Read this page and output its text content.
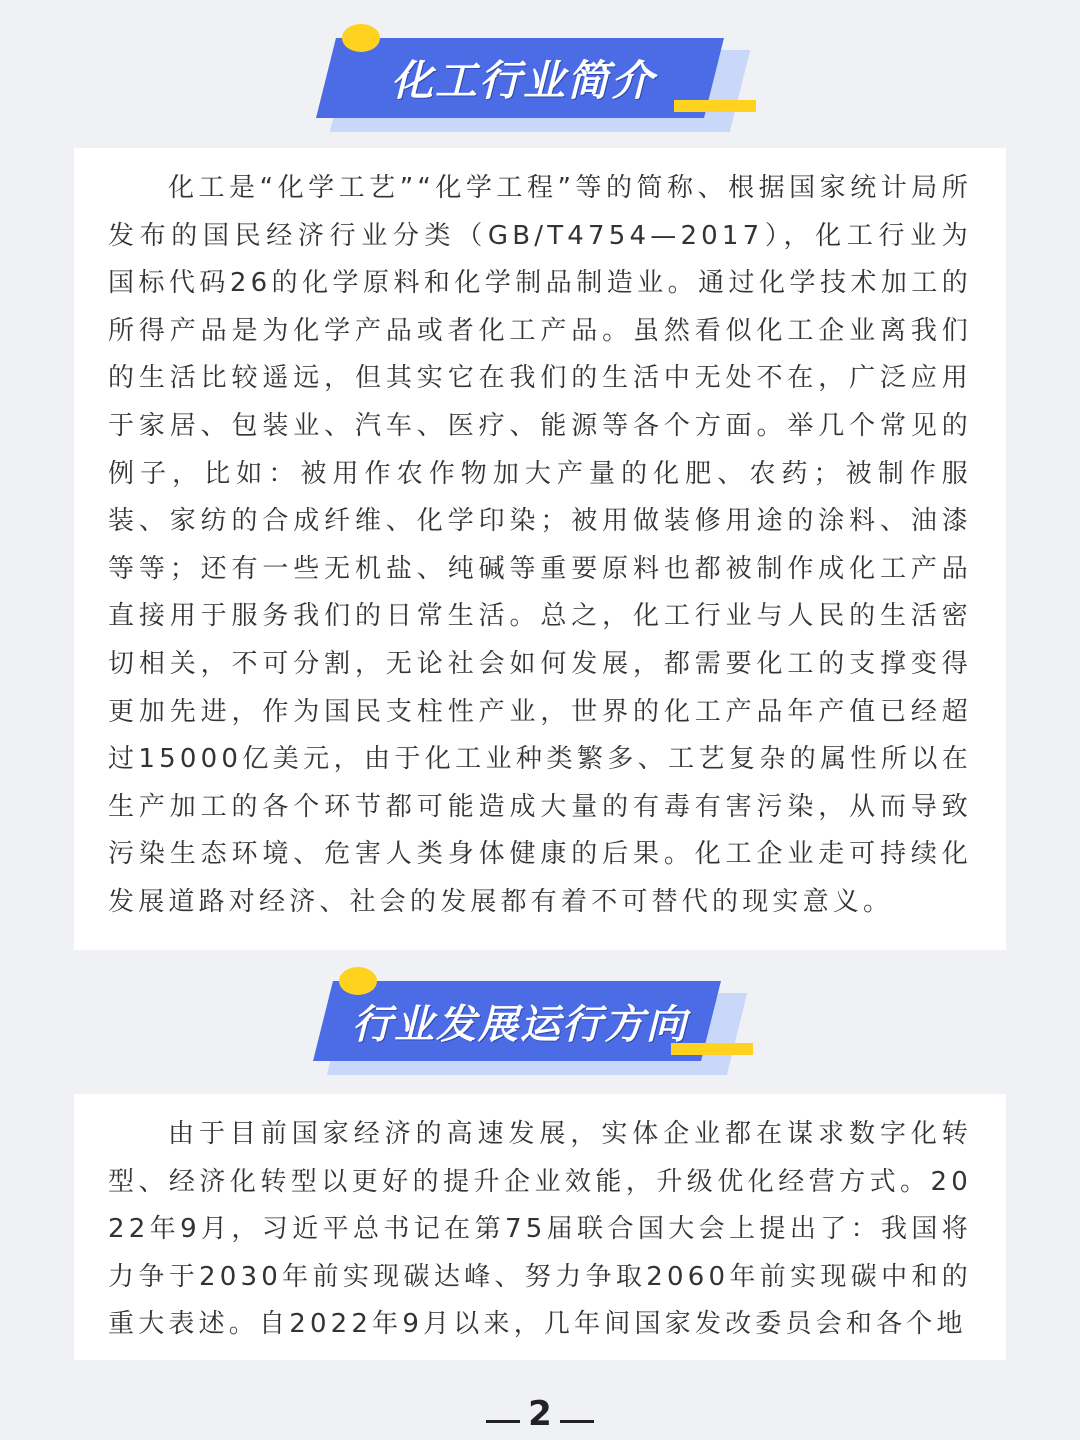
化工行业简介

化工是“化学工艺”“化学工程”等的简称、根据国家统计局所发布的国民经济行业分类（GB/T4754—2017），化工行业为国标代码26的化学原料和化学制品制造业。通过化学技术加工的所得产品是为化学产品或者化工产品。虽然看似化工企业离我们的生活比较遥远，但其实它在我们的生活中无处不在，广泛应用于家居、包装业、汽车、医疗、能源等各个方面。举几个常见的例子，比如：被用作农作物加大产量的化肥、农药；被制作服装、家纺的合成纤维、化学印染；被用做装修用途的涂料、油漆等等；还有一些无机盐、纯碱等重要原料也都被制作成化工产品直接用于服务我们的日常生活。总之，化工行业与人民的生活密切相关，不可分割，无论社会如何发展，都需要化工的支撑变得更加先进，作为国民支柱性产业，世界的化工产品年产值已经超过15000亿美元，由于化工业种类繁多、工艺复杂的属性所以在生产加工的各个环节都可能造成大量的有毒有害污染，从而导致污染生态环境、危害人类身体健康的后果。化工企业走可持续化发展道路对经济、社会的发展都有着不可替代的现实意义。

行业发展运行方向

由于目前国家经济的高速发展，实体企业都在谋求数字化转型、经济化转型以更好的提升企业效能，升级优化经营方式。2022年9月，习近平总书记在第75届联合国大会上提出了：我国将力争于2030年前实现碳达峰、努力争取2060年前实现碳中和的重大表述。自2022年9月以来，几年间国家发改委员会和各个地

2
